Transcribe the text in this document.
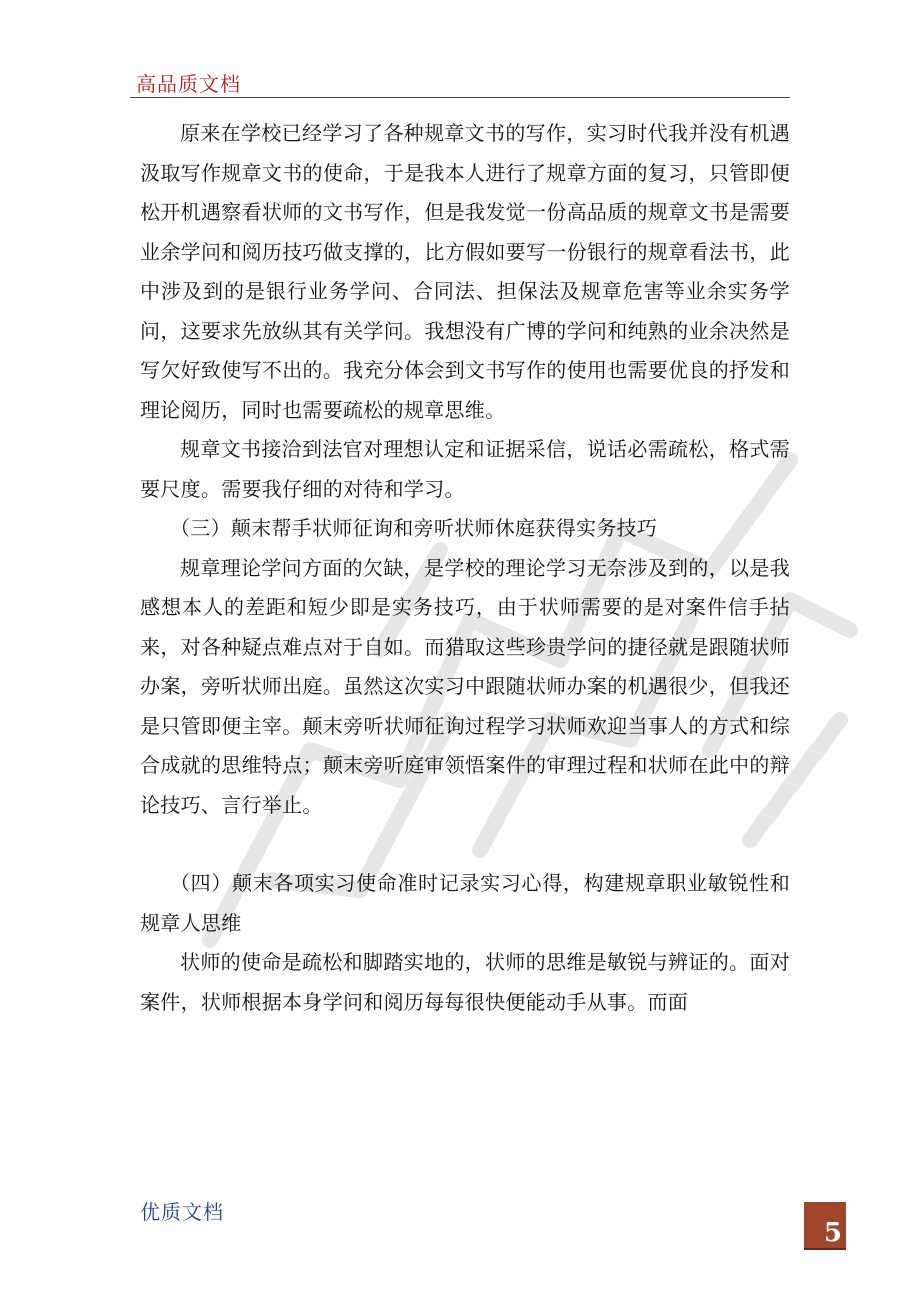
高品质文档

原来在学校已经学习了各种规章文书的写作，实习时代我并没有机遇汲取写作规章文书的使命，于是我本人进行了规章方面的复习，只管即便松开机遇察看状师的文书写作，但是我发觉一份高品质的规章文书是需要业余学问和阅历技巧做支撑的，比方假如要写一份银行的规章看法书，此中涉及到的是银行业务学问、合同法、担保法及规章危害等业余实务学问，这要求先放纵其有关学问。我想没有广博的学问和纯熟的业余决然是写欠好致使写不出的。我充分体会到文书写作的使用也需要优良的抒发和理论阅历，同时也需要疏松的规章思维。

规章文书接洽到法官对理想认定和证据采信，说话必需疏松，格式需要尺度。需要我仔细的对待和学习。

（三）颠末帮手状师征询和旁听状师休庭获得实务技巧

规章理论学问方面的欠缺，是学校的理论学习无奈涉及到的，以是我感想本人的差距和短少即是实务技巧，由于状师需要的是对案件信手拈来，对各种疑点难点对于自如。而猎取这些珍贵学问的捷径就是跟随状师办案，旁听状师出庭。虽然这次实习中跟随状师办案的机遇很少，但我还是只管即便主宰。颠末旁听状师征询过程学习状师欢迎当事人的方式和综合成就的思维特点；颠末旁听庭审领悟案件的审理过程和状师在此中的辩论技巧、言行举止。

（四）颠末各项实习使命准时记录实习心得，构建规章职业敏锐性和规章人思维

状师的使命是疏松和脚踏实地的，状师的思维是敏锐与辨证的。面对案件，状师根据本身学问和阅历每每很快便能动手从事。而面

优质文档
5
